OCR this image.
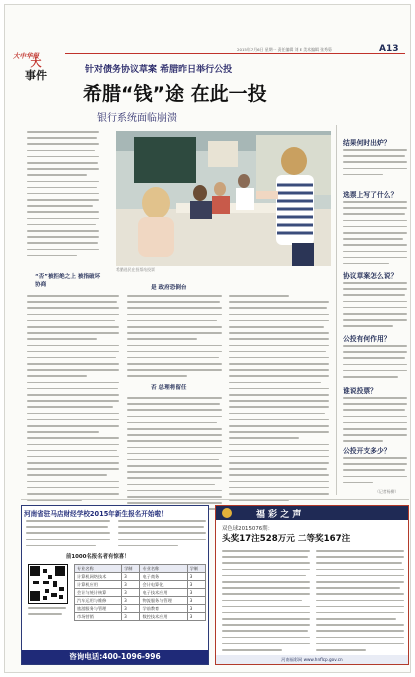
大中华报
大
事件
2015年7月6日 星期一 责任编辑 刘 E 美术编辑 张秀菊	A13
针对债务协议草案 希腊昨日举行公投
希腊“钱”途 在此一投
银行系统面临崩溃
希腊选民在投票站投票
“否”被拒绝之上 被指破坏协商	是 政府恐倒台
否 总理将留任
结果何时出炉？
选票上写了什么？
协议草案怎么说？
公投有何作用？
谁说投票？
公投开支多少？
（记者杨柳）
河南省驻马店财经学校2015年新生报名开始啦！
前1000名报名者有惊喜！
专业名称	学制	专业名称	学制
计算机网络技术	3	电子商务	3
计算机应用	3	会计电算化	3
会计与统计核算	3	电子技术应用	3
汽车运用与维修	3	物流服务与管理	3
旅游服务与管理	3	学前教育	3
市场营销	3	数控技术应用	3
咨询电话:400-1096-996
福 彩 之 声
双色球2015076期：
头奖17注528万元 二等奖167注
河南福彩网 www.hnflcp.gov.cn
